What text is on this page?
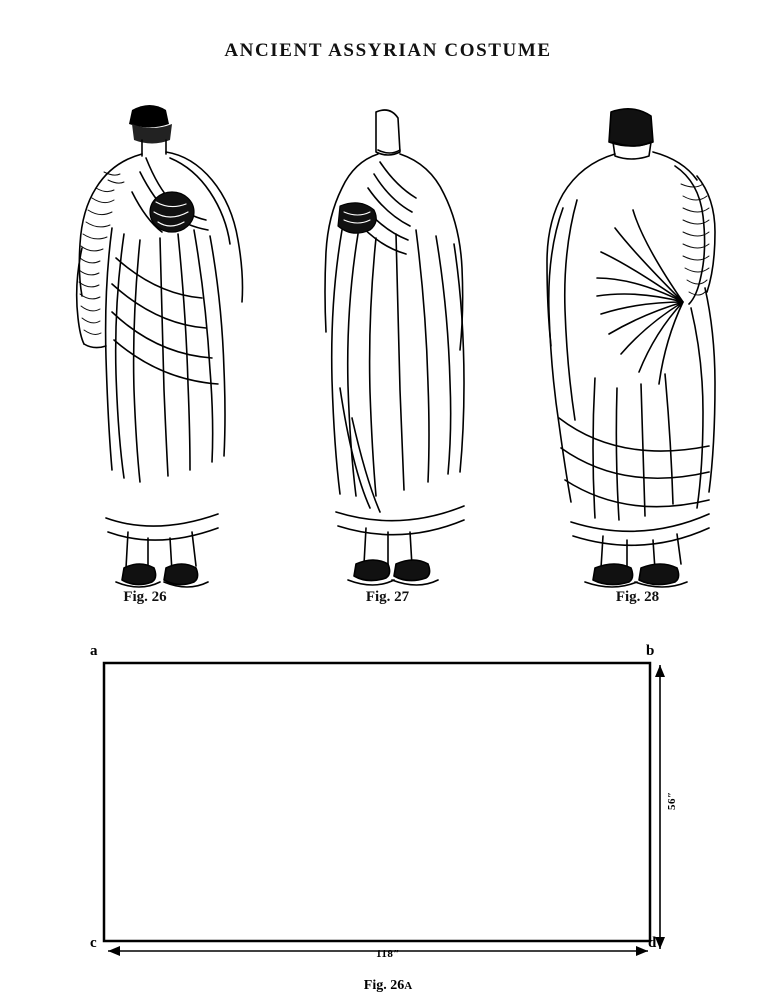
ANCIENT ASSYRIAN COSTUME
Fig. 26	Fig. 27	Fig. 28
a	b
c	d
118″
56″
Fig. 26A
